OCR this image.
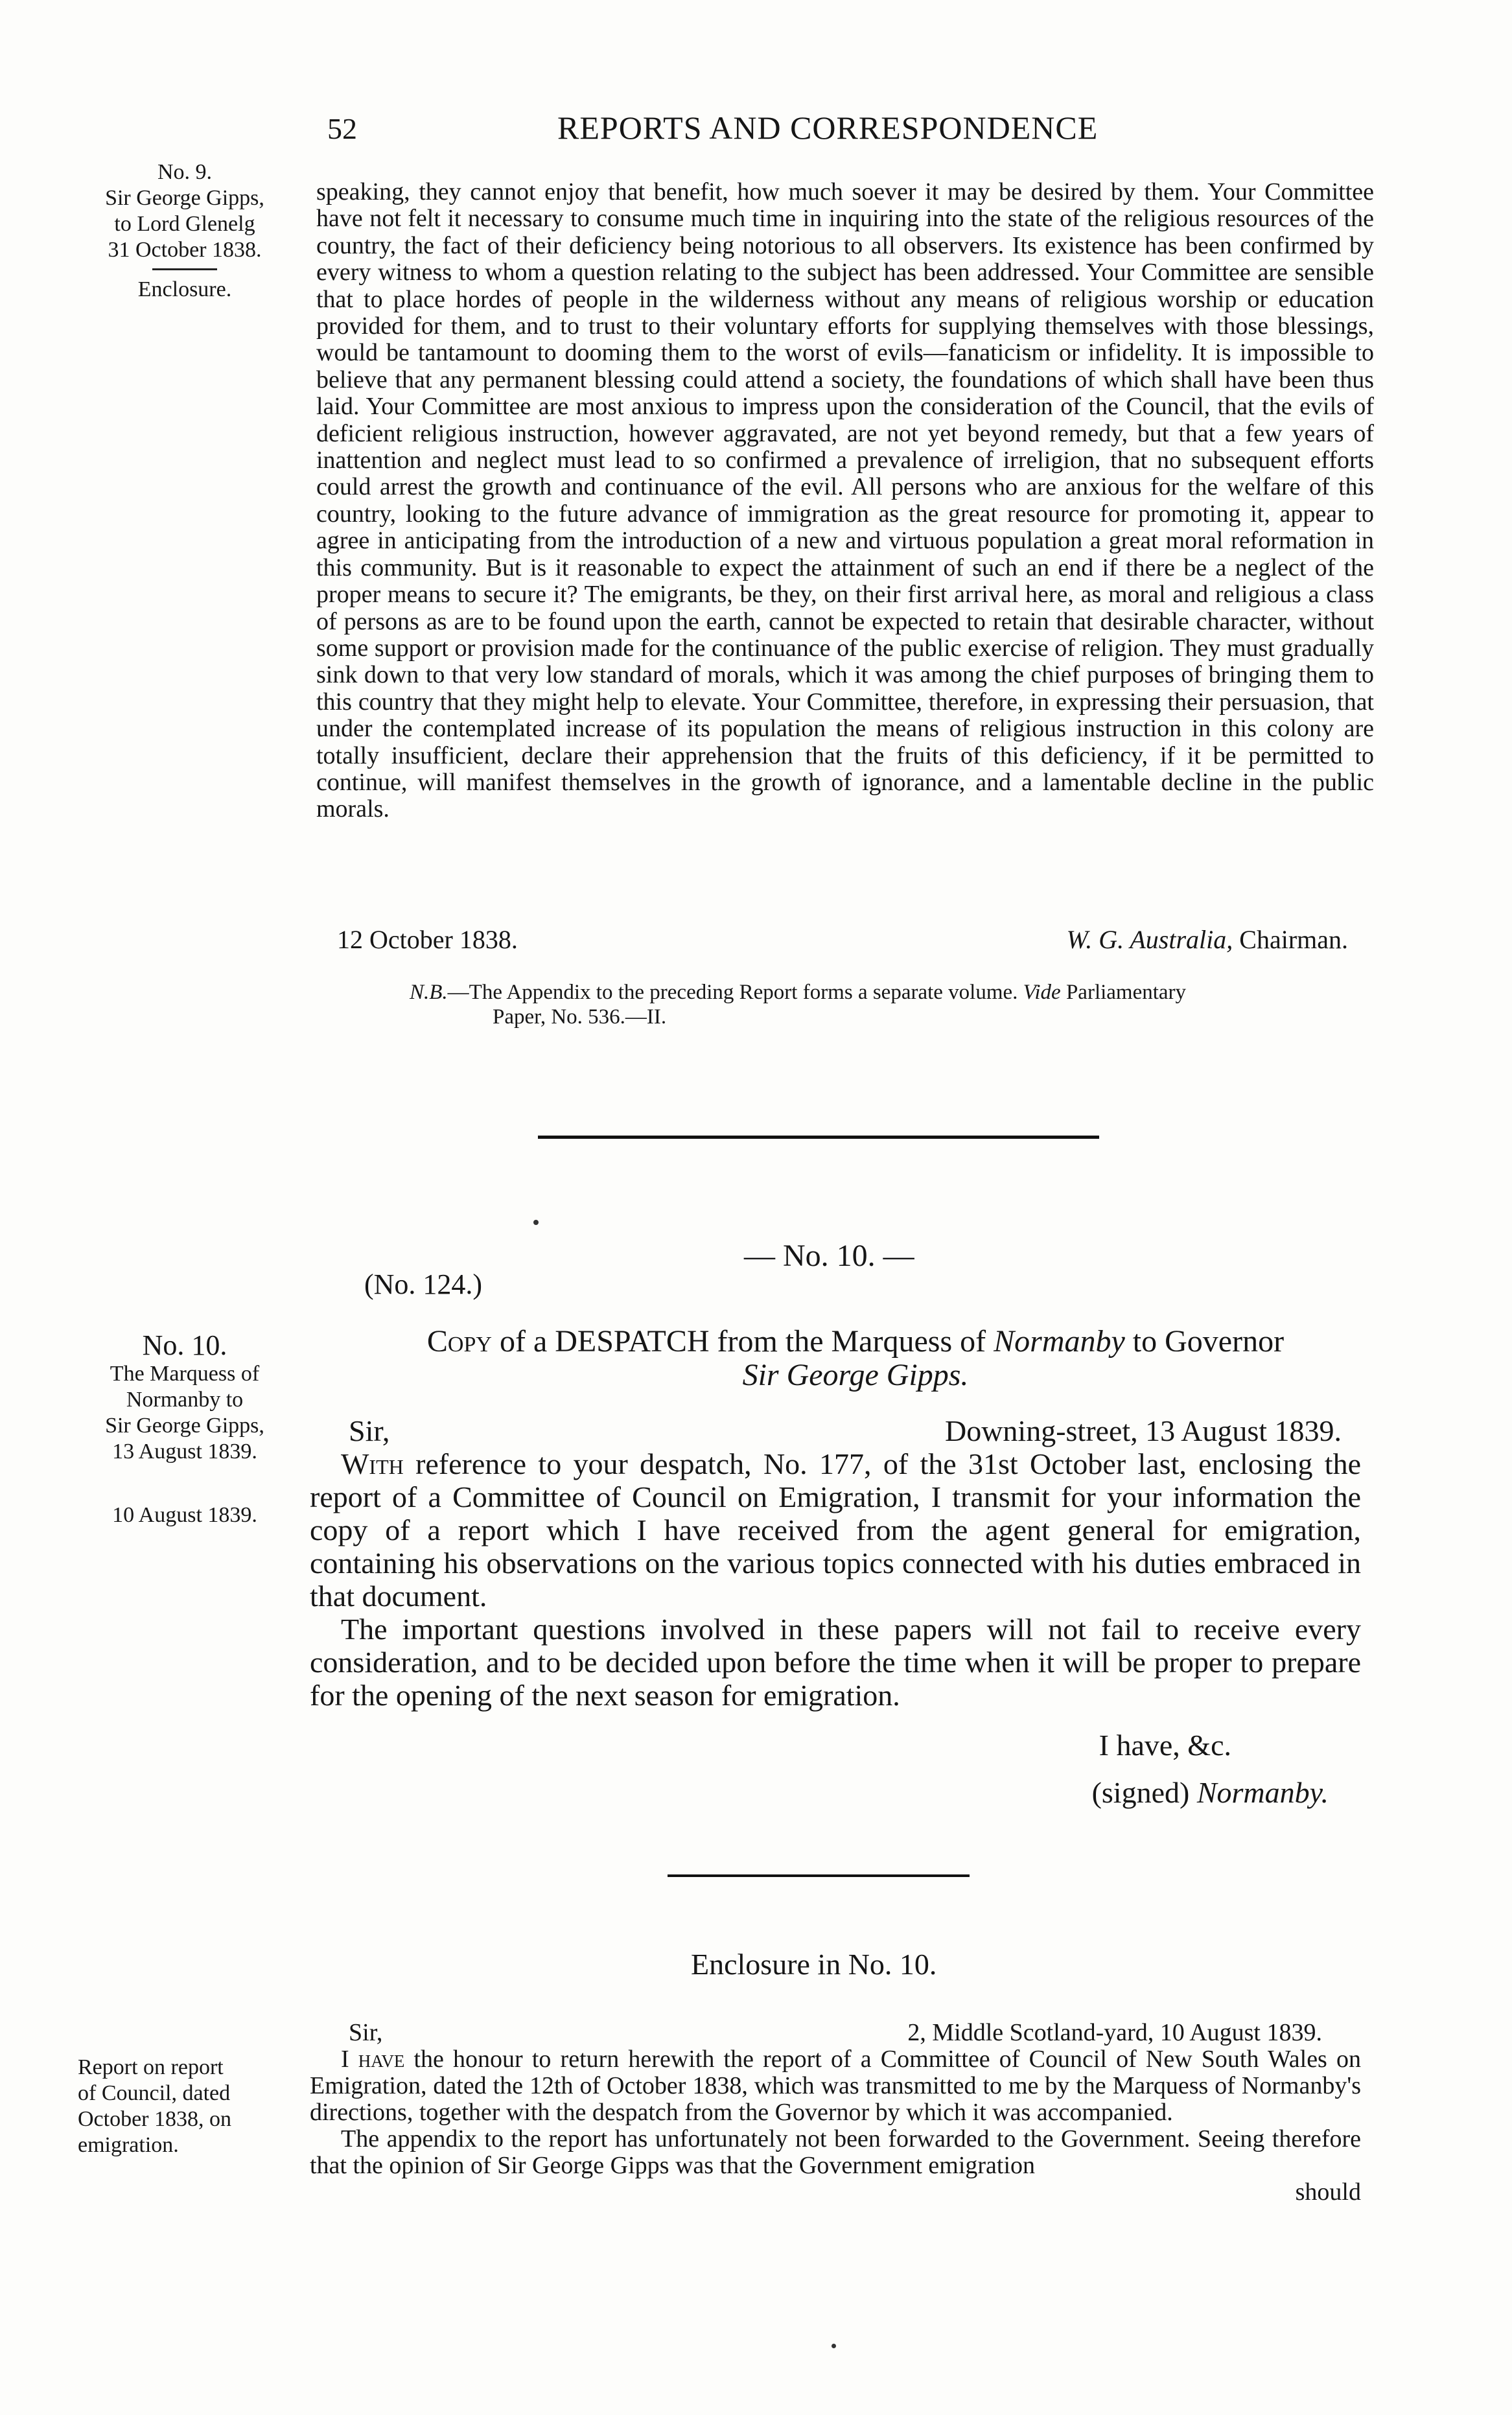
52	REPORTS AND CORRESPONDENCE
No. 9.
Sir George Gipps,
to Lord Glenelg
31 October 1838.
Enclosure.

speaking, they cannot enjoy that benefit, how much soever it may be desired by them. Your Committee have not felt it necessary to consume much time in inquiring into the state of the religious resources of the country, the fact of their deficiency being notorious to all observers. Its existence has been confirmed by every witness to whom a question relating to the subject has been addressed. Your Committee are sensible that to place hordes of people in the wilderness without any means of religious worship or education provided for them, and to trust to their voluntary efforts for supplying themselves with those blessings, would be tantamount to dooming them to the worst of evils—fanaticism or infidelity. It is impossible to believe that any permanent blessing could attend a society, the foundations of which shall have been thus laid. Your Committee are most anxious to impress upon the consideration of the Council, that the evils of deficient religious instruction, however aggravated, are not yet beyond remedy, but that a few years of inattention and neglect must lead to so confirmed a prevalence of irreligion, that no subsequent efforts could arrest the growth and continuance of the evil. All persons who are anxious for the welfare of this country, looking to the future advance of immigration as the great resource for promoting it, appear to agree in anticipating from the introduction of a new and virtuous population a great moral reformation in this community. But is it reasonable to expect the attainment of such an end if there be a neglect of the proper means to secure it? The emigrants, be they, on their first arrival here, as moral and religious a class of persons as are to be found upon the earth, cannot be expected to retain that desirable character, without some support or provision made for the continuance of the public exercise of religion. They must gradually sink down to that very low standard of morals, which it was among the chief purposes of bringing them to this country that they might help to elevate. Your Committee, therefore, in expressing their persuasion, that under the contemplated increase of its population the means of religious instruction in this colony are totally insufficient, declare their apprehension that the fruits of this deficiency, if it be permitted to continue, will manifest themselves in the growth of ignorance, and a lamentable decline in the public morals.

12 October 1838.	W. G. Australia, Chairman.
N.B.—The Appendix to the preceding Report forms a separate volume. Vide Parliamentary
Paper, No. 536.—II.
— No. 10. —
(No. 124.)
No. 10.
The Marquess of
Normanby to
Sir George Gipps,
13 August 1839.
10 August 1839.
Copy of a DESPATCH from the Marquess of Normanby to Governor
Sir George Gipps.
Sir,	Downing-street, 13 August 1839.

With reference to your despatch, No. 177, of the 31st October last, enclosing the report of a Committee of Council on Emigration, I transmit for your information the copy of a report which I have received from the agent general for emigration, containing his observations on the various topics connected with his duties embraced in that document.

The important questions involved in these papers will not fail to receive every consideration, and to be decided upon before the time when it will be proper to prepare for the opening of the next season for emigration.

I have, &c.
(signed) Normanby.
Enclosure in No. 10.
Report on report
of Council, dated
October 1838, on
emigration.
Sir,	2, Middle Scotland-yard, 10 August 1839.

I have the honour to return herewith the report of a Committee of Council of New South Wales on Emigration, dated the 12th of October 1838, which was transmitted to me by the Marquess of Normanby's directions, together with the despatch from the Governor by which it was accompanied.

The appendix to the report has unfortunately not been forwarded to the Government. Seeing therefore that the opinion of Sir George Gipps was that the Government emigration

should
